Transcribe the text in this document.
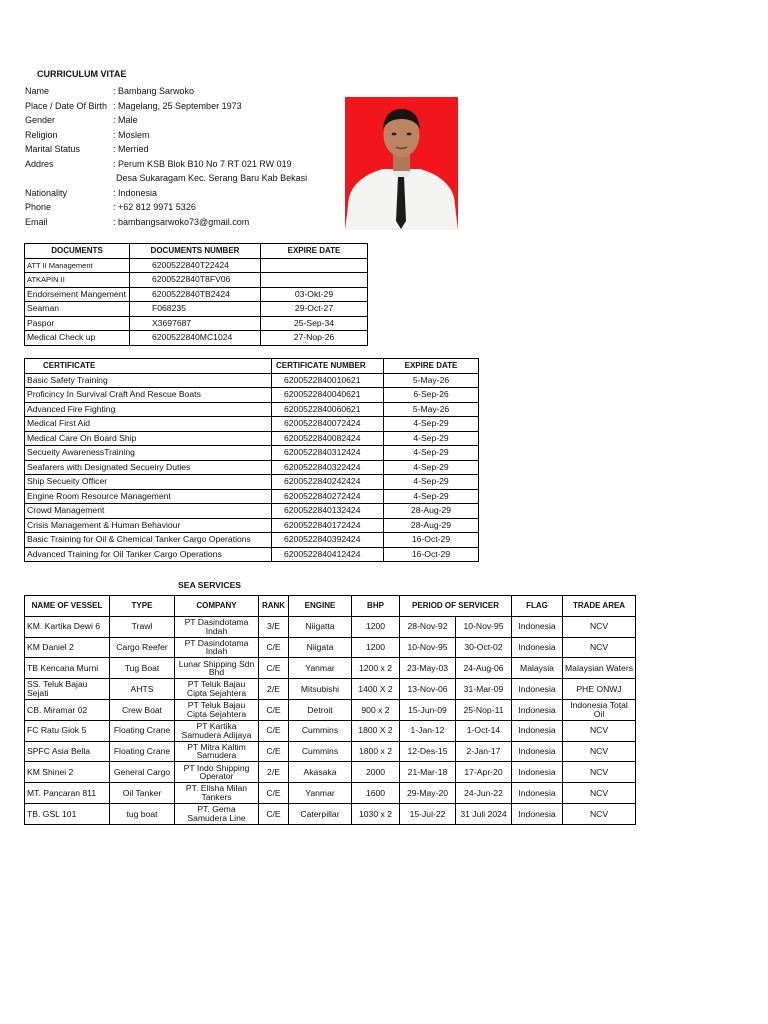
CURRICULUM VITAE
Name	: Bambang Sarwoko
Place / Date Of Birth : Magelang, 25 September 1973
Gender	: Male
Religion	: Moslem
Marital Status	: Merried
Addres	: Perum KSB Blok B10 No 7 RT 021 RW 019
Desa Sukaragam Kec. Serang Baru Kab Bekasi
Nationality	: Indonesia
Phone	: +62 812 9971 5326
Email	: bambangsarwoko73@gmail.com
DOCUMENTS	DOCUMENTS NUMBER	EXPIRE DATE
ATT II Management	6200522840T22424	
ATKAPIN II	6200522840T8FV06	
Endorsement Mangement	6200522840TB2424	03-Okt-29
Seaman	F068235	29-Oct-27
Paspor	X3697687	25-Sep-34
Medical Check up	6200522840MC1024	27-Nop-26
CERTIFICATE	CERTIFICATE NUMBER	EXPIRE DATE
Basic Safety Training	6200522840010621	5-May-26
Proficincy In Survival Craft And Rescue Boats	6200522840040621	6-Sep-26
Advanced Fire Fighting	6200522840060621	5-May-26
Medical First Aid	6200522840072424	4-Sep-29
Medical Care On Board Ship	6200522840082424	4-Sep-29
Secueity AwarenessTraining	6200522840312424	4-Sep-29
Seafarers with Designated Secueiry Duties	6200522840322424	4-Sep-29
Ship Secueity Officer	6200522840242424	4-Sep-29
Engine Room Resource Management	6200522840272424	4-Sep-29
Crowd Management	6200522840132424	28-Aug-29
Crisis Management & Human Behaviour	6200522840172424	28-Aug-29
Basic Training for Oil & Chemical Tanker Cargo Operations	6200522840392424	16-Oct-29
Advanced Training for Oil Tanker Cargo Operations	6200522840412424	16-Oct-29
SEA SERVICES
NAME OF VESSEL	TYPE	COMPANY	RANK	ENGINE	BHP	PERIOD OF SERVICER		FLAG	TRADE AREA
KM. Kartika Dewi 6	Trawl	PT Dasindotama Indah	3/E	Niigatta	1200	28-Nov-92	10-Nov-95	Indonesia	NCV
KM Daniel 2	Cargo Reefer	PT Dasindotama Indah	C/E	Niigata	1200	10-Nov-95	30-Oct-02	Indonesia	NCV
TB Kencana Murni	Tug Boat	Lunar Shipping Sdn Bhd	C/E	Yanmar	1200 x 2	23-May-03	24-Aug-06	Malaysia	Malaysian Waters
SS. Teluk Bajau Sejati	AHTS	PT Teluk Bajau Cipta Sejahtera	2/E	Mitsubishi	1400 X 2	13-Nov-06	31-Mar-09	Indonesia	PHE ONWJ
CB. Miramar 02	Crew Boat	PT Teluk Bajau Cipta Sejahtera	C/E	Detroit	900 x 2	15-Jun-09	25-Nop-11	Indonesia	Indonesia Total Oil
FC Ratu Giok 5	Floating Crane	PT Kartika Samudera Adijaya	C/E	Cummins	1800 X 2	1-Jan-12	1-Oct-14	Indonesia	NCV
SPFC Asia Bella	Floating Crane	PT Mitra Kaltim Samudera	C/E	Cummins	1800 x 2	12-Des-15	2-Jan-17	Indonesia	NCV
KM Shinei 2	General Cargo	PT Indo Shipping Operator	2/E	Akasaka	2000	21-Mar-18	17-Apr-20	Indonesia	NCV
MT. Pancaran 811	Oil Tanker	PT. Elisha Milan Tankers	C/E	Yanmar	1600	29-May-20	24-Jun-22	Indonesia	NCV
TB. GSL 101	tug boat	PT. Gema Samudera Line	C/E	Caterpillar	1030 x 2	15-Jul-22	31 Juli 2024	Indonesia	NCV
